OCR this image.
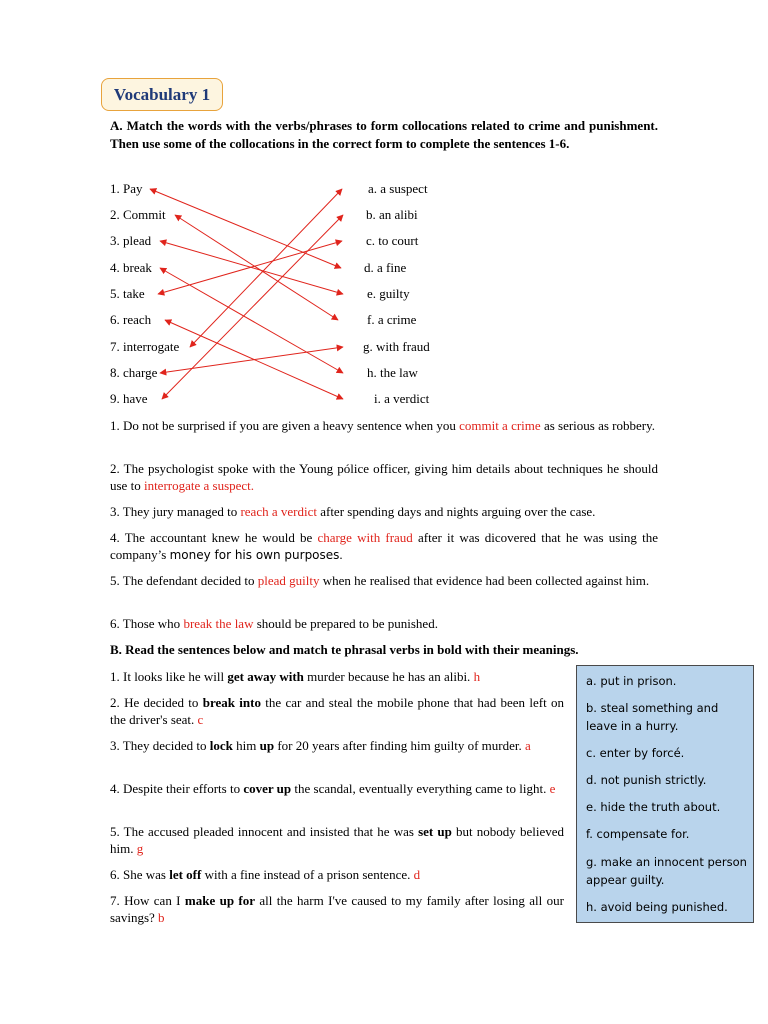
Vocabulary 1
A. Match the words with the verbs/phrases to form collocations related to crime and punishment. Then use some of the collocations in the correct form to complete the sentences 1-6.
1. Pay
2. Commit
3. plead
4. break
5. take
6. reach
7. interrogate
8. charge
9. have
a. a suspect
b. an alibi
c. to court
d. a fine
e. guilty
f. a crime
g. with fraud
h. the law
i. a verdict
1. Do not be surprised if you are given a heavy sentence when you commit a crime as serious as robbery.
2. The psychologist spoke with the Young pólice officer, giving him details about techniques he should use to interrogate a suspect.
3. They jury managed to reach a verdict after spending days and nights arguing over the case.
4. The accountant knew he would be charge with fraud after it was dicovered that he was using the company’s money for his own purposes.
5. The defendant decided to plead guilty when he realised that evidence had been collected against him.
6. Those who break the law should be prepared to be punished.
B. Read the sentences below and match te phrasal verbs in bold with their meanings.
1. It looks like he will get away with murder because he has an alibi. h
2. He decided to break into the car and steal the mobile phone that had been left on the driver's seat. c
3. They decided to lock him up for 20 years after finding him guilty of murder. a
4. Despite their efforts to cover up the scandal, eventually everything came to light. e
5. The accused pleaded innocent and insisted that he was set up but nobody believed him. g
6. She was let off with a fine instead of a prison sentence. d
7. How can I make up for all the harm I've caused to my family after losing all our savings? b
a. put in prison.
b. steal something and leave in a hurry.
c. enter by forcé.
d. not punish strictly.
e. hide the truth about.
f. compensate for.
g. make an innocent person appear guilty.
h. avoid being punished.
